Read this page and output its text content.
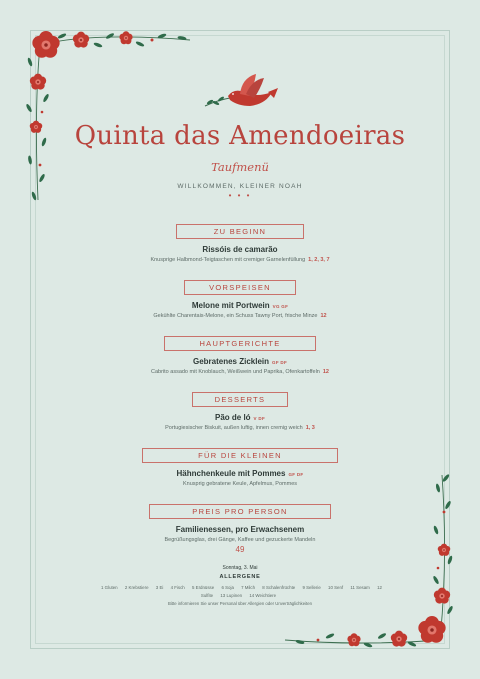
Quinta das Amendoeiras
Taufmenü
WILLKOMMEN, KLEINER NOAH
• • •
ZU BEGINN
Rissóis de camarão
Knusprige Halbmond-Teigtaschen mit cremiger Garnelenfüllung 1, 2, 3, 7
VORSPEISEN
Melone mit Portwein VG GF
Gekühlte Charentais-Melone, ein Schuss Tawny Port, frische Minze 12
HAUPTGERICHTE
Gebratenes Zicklein GF DF
Cabrito assado mit Knoblauch, Weißwein und Paprika, Ofenkartoffeln 12
DESSERTS
Pão de ló V DF
Portugiesischer Biskuit, außen luftig, innen cremig weich 1, 3
FÜR DIE KLEINEN
Hähnchenkeule mit Pommes GF DF
Knusprig gebratene Keule, Apfelmus, Pommes
PREIS PRO PERSON
Familienessen, pro Erwachsenem
Begrüßungsglas, drei Gänge, Kaffee und gezuckerte Mandeln
49
Sonntag, 3. Mai
ALLERGENE
1 Gluten 2 Krebstiere 3 Ei 4 Fisch 5 Erdnüsse 6 Soja 7 Milch 8 Schalenfrüchte 9 Sellerie 10 Senf 11 Sesam 12 Sulfite 13 Lupinen 14 Weichtiere
Bitte informieren Sie unser Personal über Allergien oder Unverträglichkeiten
